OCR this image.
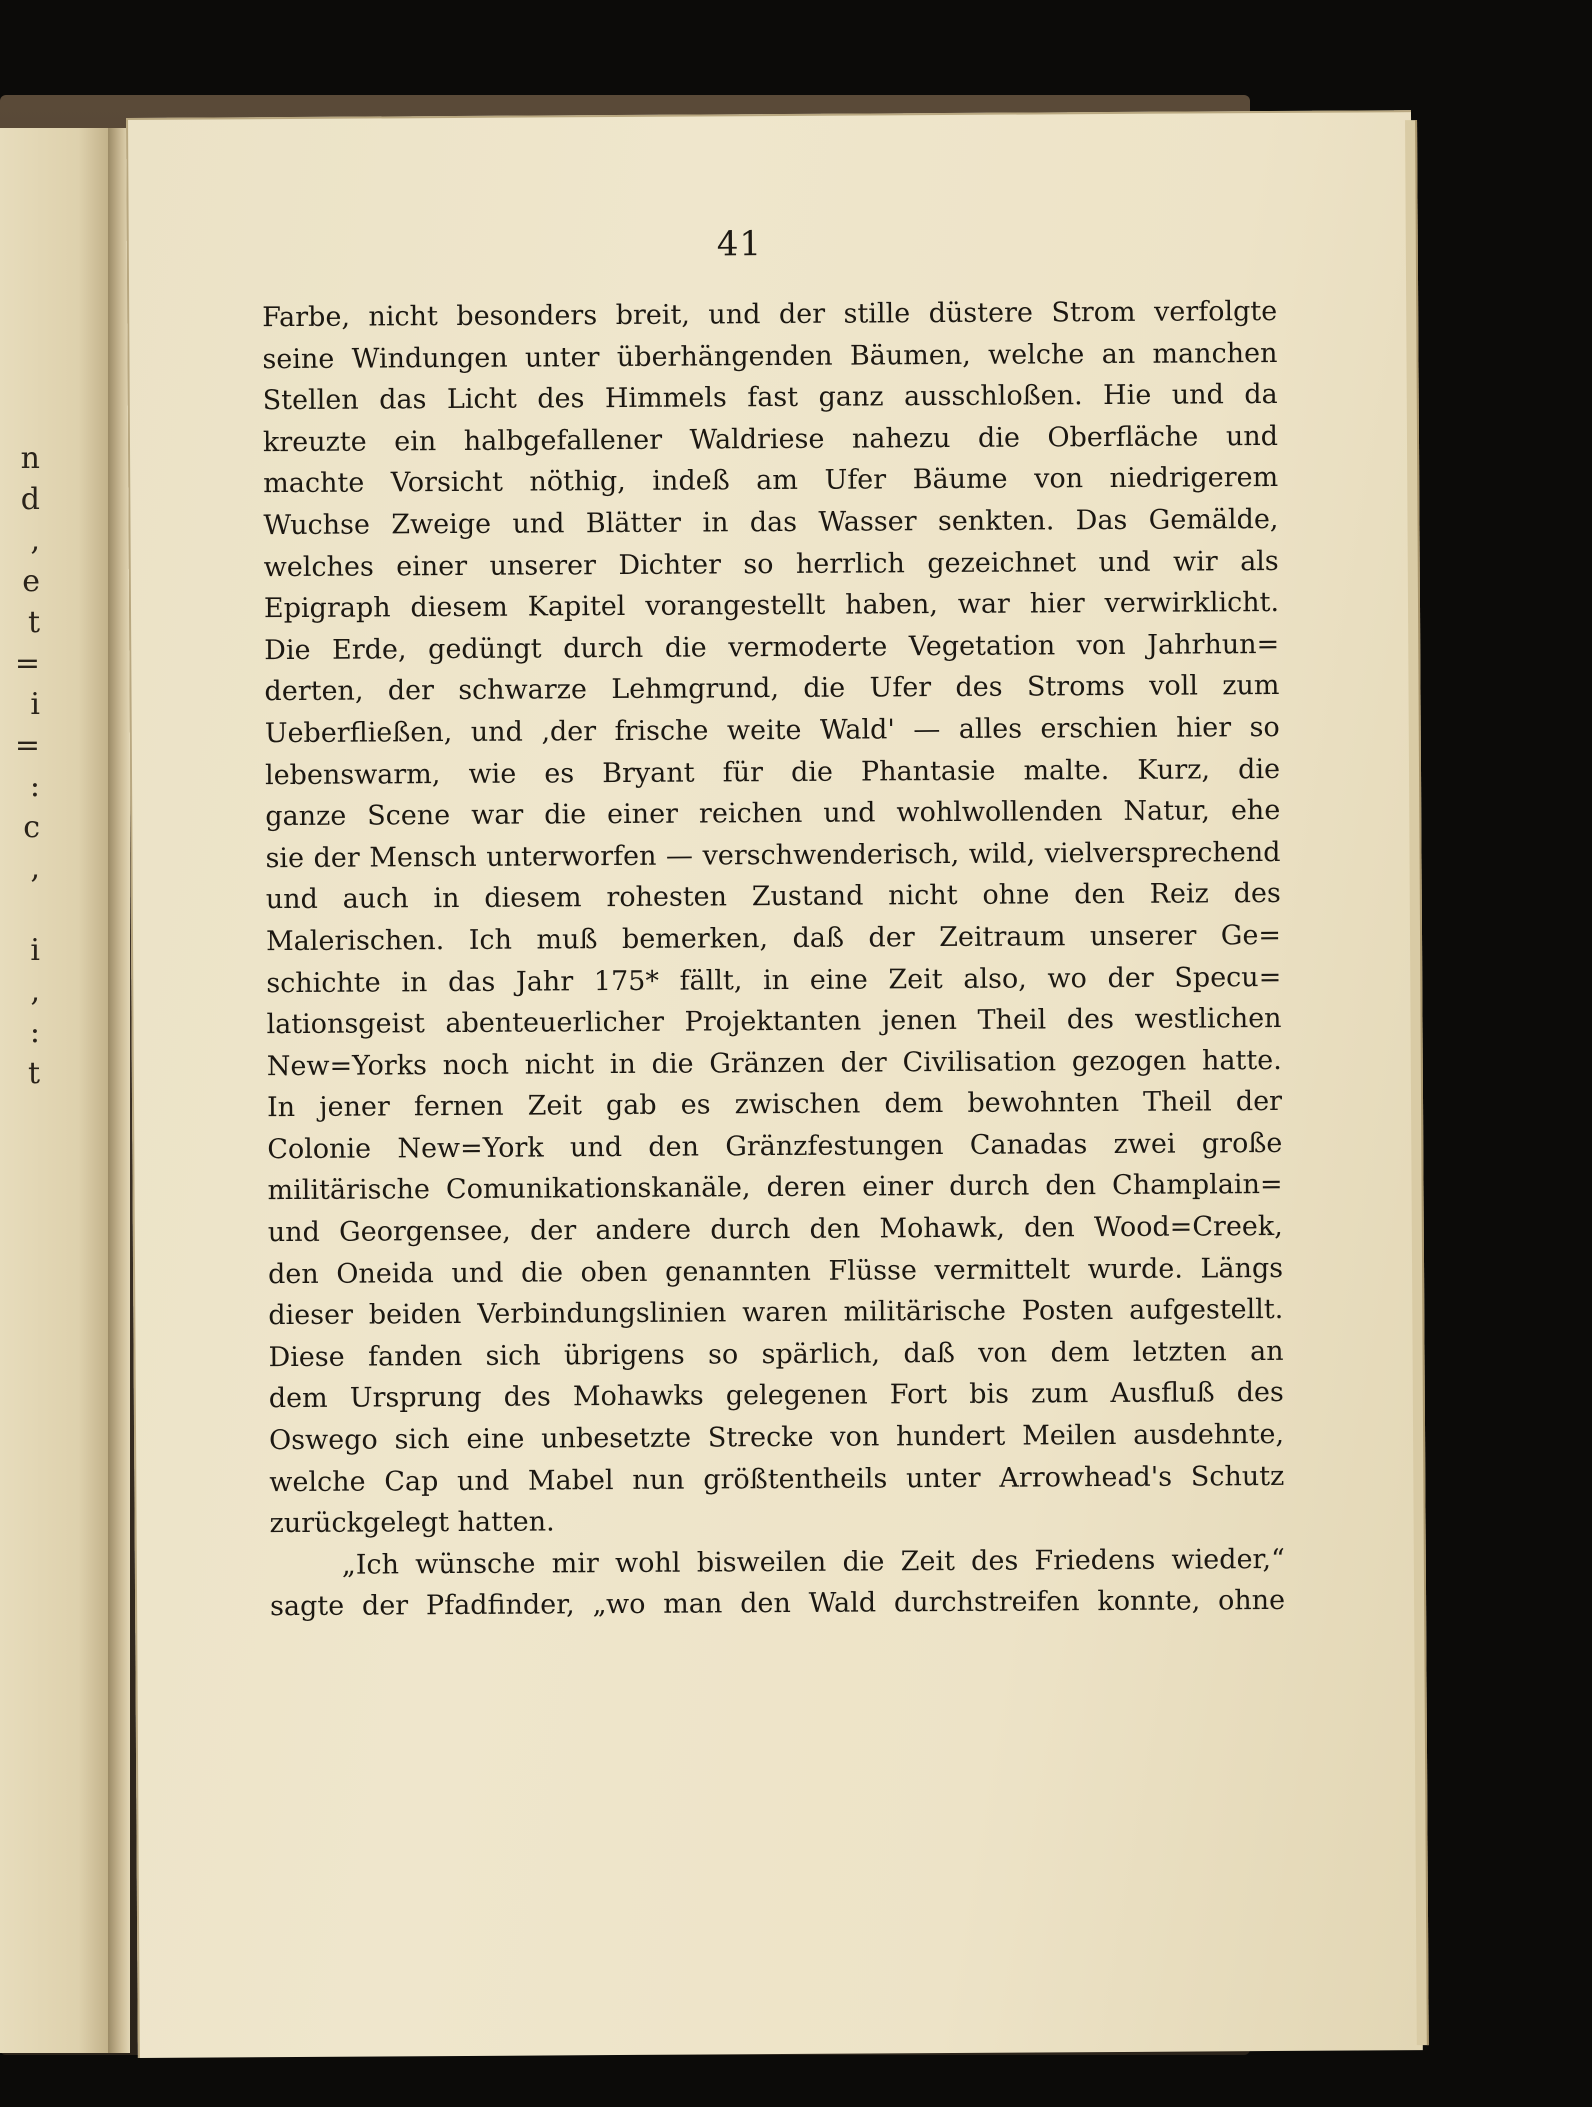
n
d
,
e
t
=
i
=
:
c
,
i
,
:
t
41
Farbe, nicht besonders breit, und der stille düstere Strom verfolgte
seine Windungen unter überhängenden Bäumen, welche an manchen
Stellen das Licht des Himmels fast ganz ausschloßen. Hie und da
kreuzte ein halbgefallener Waldriese nahezu die Oberfläche und
machte Vorsicht nöthig, indeß am Ufer Bäume von niedrigerem
Wuchse Zweige und Blätter in das Wasser senkten. Das Gemälde,
welches einer unserer Dichter so herrlich gezeichnet und wir als
Epigraph diesem Kapitel vorangestellt haben, war hier verwirklicht.
Die Erde, gedüngt durch die vermoderte Vegetation von Jahrhun=
derten, der schwarze Lehmgrund, die Ufer des Stroms voll zum
Ueberfließen, und ‚der frische weite Wald' — alles erschien hier so
lebenswarm, wie es Bryant für die Phantasie malte. Kurz, die
ganze Scene war die einer reichen und wohlwollenden Natur, ehe
sie der Mensch unterworfen — verschwenderisch, wild, vielversprechend
und auch in diesem rohesten Zustand nicht ohne den Reiz des
Malerischen. Ich muß bemerken, daß der Zeitraum unserer Ge=
schichte in das Jahr 175* fällt, in eine Zeit also, wo der Specu=
lationsgeist abenteuerlicher Projektanten jenen Theil des westlichen
New=Yorks noch nicht in die Gränzen der Civilisation gezogen hatte.
In jener fernen Zeit gab es zwischen dem bewohnten Theil der
Colonie New=York und den Gränzfestungen Canadas zwei große
militärische Comunikationskanäle, deren einer durch den Champlain=
und Georgensee, der andere durch den Mohawk, den Wood=Creek,
den Oneida und die oben genannten Flüsse vermittelt wurde. Längs
dieser beiden Verbindungslinien waren militärische Posten aufgestellt.
Diese fanden sich übrigens so spärlich, daß von dem letzten an
dem Ursprung des Mohawks gelegenen Fort bis zum Ausfluß des
Oswego sich eine unbesetzte Strecke von hundert Meilen ausdehnte,
welche Cap und Mabel nun größtentheils unter Arrowhead's Schutz
zurückgelegt hatten.
„Ich wünsche mir wohl bisweilen die Zeit des Friedens wieder,“
sagte der Pfadfinder, „wo man den Wald durchstreifen konnte, ohne
